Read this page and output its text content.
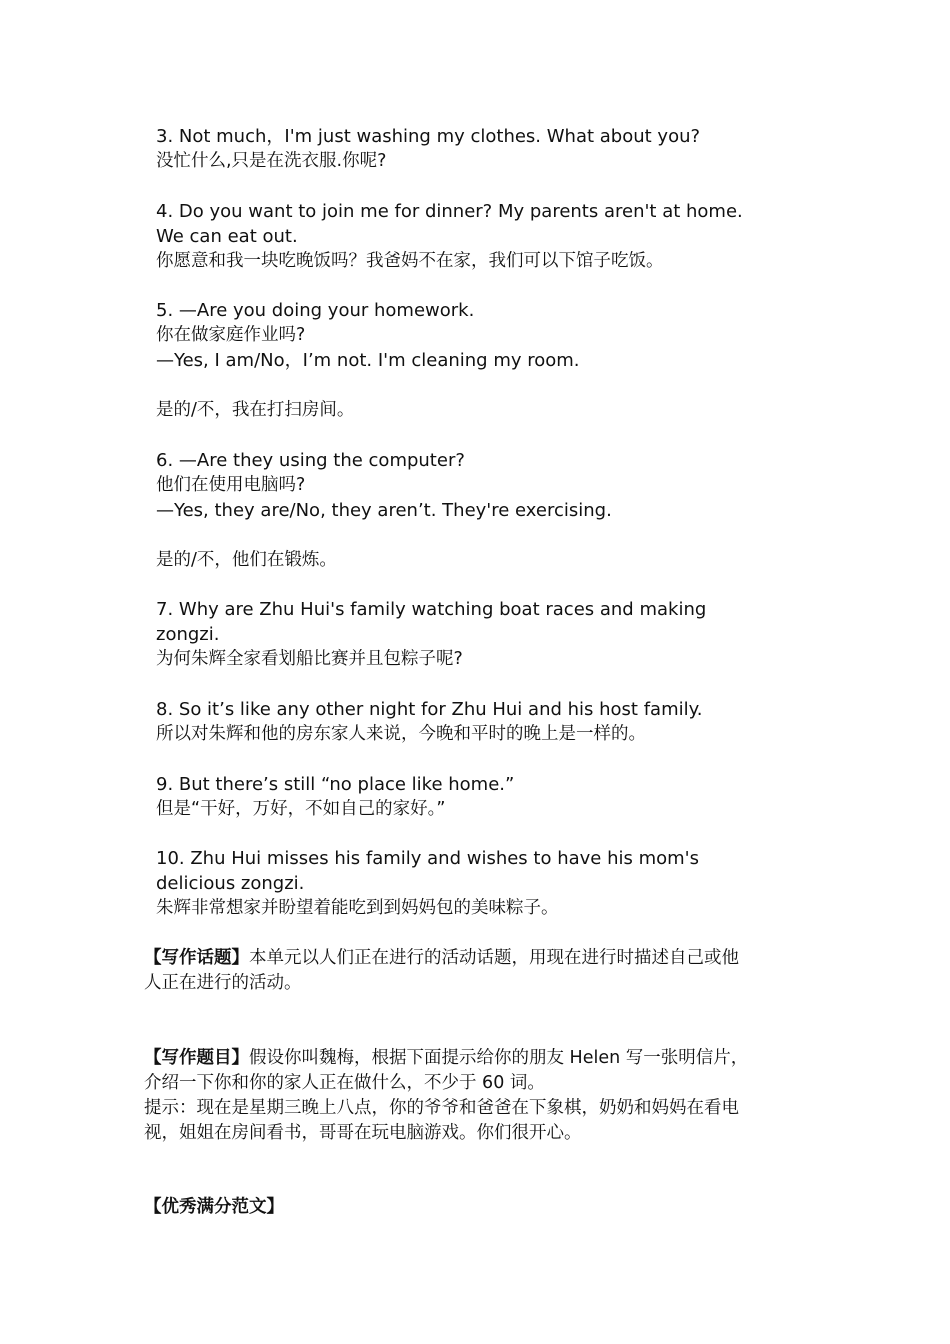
3. Not much，I'm just washing my clothes. What about you?
没忙什么,只是在洗衣服.你呢?
4. Do you want to join me for dinner? My parents aren't at home.
We can eat out.
你愿意和我一块吃晚饭吗？我爸妈不在家，我们可以下馆子吃饭。
5. —Are you doing your homework.
你在做家庭作业吗?
—Yes, I am/No，I’m not. I'm cleaning my room.
是的/不，我在打扫房间。
6. —Are they using the computer?
他们在使用电脑吗?
—Yes, they are/No, they aren’t. They're exercising.
是的/不，他们在锻炼。
7. Why are Zhu Hui's family watching boat races and making
zongzi.
为何朱辉全家看划船比赛并且包粽子呢?
8. So it’s like any other night for Zhu Hui and his host family.
所以对朱辉和他的房东家人来说，今晚和平时的晚上是一样的。
9. But there’s still “no place like home.”
但是“干好，万好，不如自己的家好。”
10. Zhu Hui misses his family and wishes to have his mom's
delicious zongzi.
朱辉非常想家并盼望着能吃到到妈妈包的美味粽子。
【写作话题】本单元以人们正在进行的活动话题，用现在进行时描述自己或他
人正在进行的活动。
【写作题目】假设你叫魏梅，根据下面提示给你的朋友 Helen 写一张明信片，
介绍一下你和你的家人正在做什么，不少于 60 词。
提示：现在是星期三晚上八点，你的爷爷和爸爸在下象棋，奶奶和妈妈在看电
视，姐姐在房间看书，哥哥在玩电脑游戏。你们很开心。
【优秀满分范文】
